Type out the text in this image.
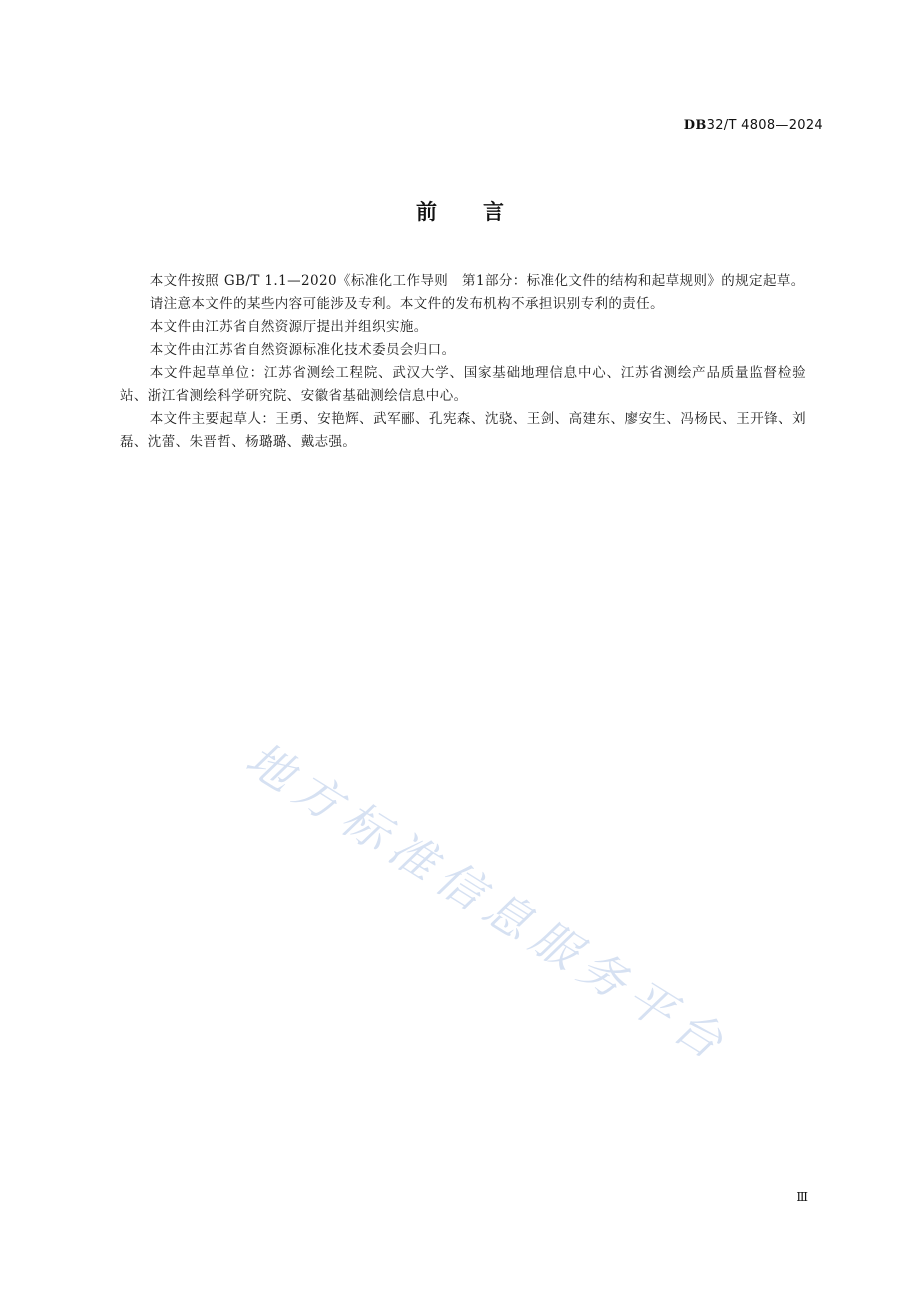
DB32/T 4808—2024
前言

本文件按照 GB/T 1.1—2020《标准化工作导则　第1部分：标准化文件的结构和起草规则》的规定起草。

请注意本文件的某些内容可能涉及专利。本文件的发布机构不承担识别专利的责任。

本文件由江苏省自然资源厅提出并组织实施。

本文件由江苏省自然资源标准化技术委员会归口。

本文件起草单位：江苏省测绘工程院、武汉大学、国家基础地理信息中心、江苏省测绘产品质量监督检验站、浙江省测绘科学研究院、安徽省基础测绘信息中心。

本文件主要起草人：王勇、安艳辉、武军郦、孔宪森、沈骁、王剑、高建东、廖安生、冯杨民、王开锋、刘磊、沈蕾、朱晋哲、杨璐璐、戴志强。

地方标准信息服务平台
Ⅲ
